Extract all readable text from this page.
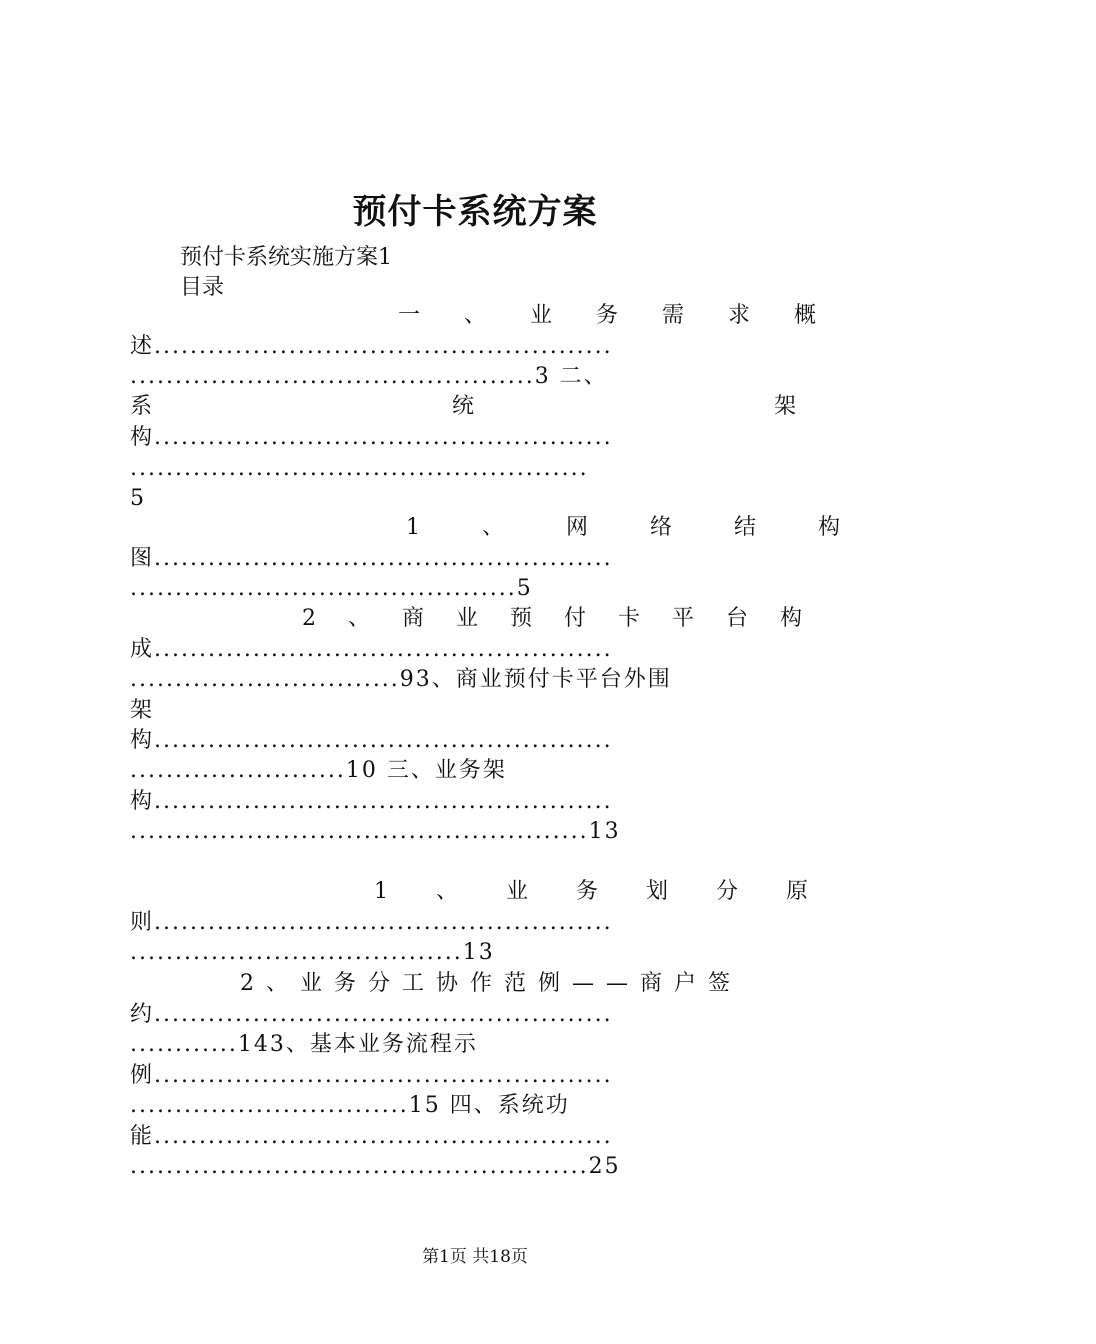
预付卡系统方案
预付卡系统实施方案1
目录
一、业务需求概
述...................................................
.............................................3 二、
系统架
构...................................................
...................................................
5
1、网络结构
图...................................................
...........................................5
2、商业预付卡平台构
成...................................................
..............................93、商业预付卡平台外围
架
构...................................................
........................10 三、业务架
构...................................................
...................................................13
1、业务划分原
则...................................................
.....................................13
2、业务分工协作范例——商户签
约...................................................
............143、基本业务流程示
例...................................................
...............................15 四、系统功
能...................................................
...................................................25
第1页 共18页
